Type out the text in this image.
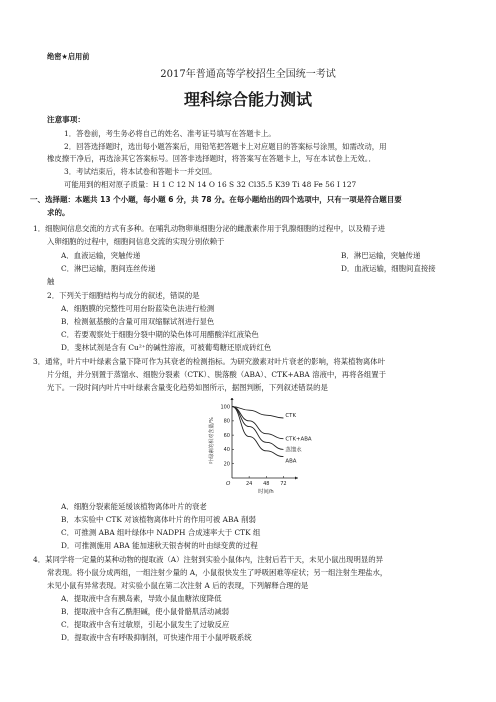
绝密★启用前
2017年普通高等学校招生全国统一考试
理科综合能力测试
注意事项：
1．答卷前，考生务必将自己的姓名、准考证号填写在答题卡上。
2．回答选择题时，选出每小题答案后，用铅笔把答题卡上对应题目的答案标号涂黑，如需改动，用
橡皮擦干净后，再选涂其它答案标号。回答非选择题时，将答案写在答题卡上，写在本试卷上无效。．
3．考试结束后，将本试卷和答题卡一并交回。
可能用到的相对原子质量：H 1 C 12 N 14 O 16 S 32 Cl35.5 K39 Ti 48 Fe 56 I 127
一、选择题：本题共 13 个小题，每小题 6 分，共 78 分。在每小题给出的四个选项中，只有一项是符合题目要
求的。
1．细胞间信息交流的方式有多种。在哺乳动物卵巢细胞分泌的雌激素作用于乳腺细胞的过程中，以及精子进
入卵细胞的过程中，细胞间信息交流的实现分别依赖于
A．血液运输，突触传递	B．淋巴运输，突触传递
C．淋巴运输，胞间连丝传递	D．血液运输，细胞间直接接
触
2．下列关于细胞结构与成分的叙述，错误的是
A．细胞膜的完整性可用台盼蓝染色法进行检测
B．检测氨基酸的含量可用双缩脲试剂进行显色
C．若要观察处于细胞分裂中期的染色体可用醋酸洋红液染色
D．斐林试剂是含有 Cu²⁺的碱性溶液，可被葡萄糖还原成砖红色
3．通常，叶片中叶绿素含量下降可作为其衰老的检测指标。为研究激素对叶片衰老的影响，将某植物离体叶
片分组，并分别置于蒸馏水、细胞分裂素（CTK）、脱落酸（ABA）、CTK+ABA 溶液中，再将各组置于
光下。一段时间内叶片中叶绿素含量变化趋势如图所示，据图判断，下列叙述错误的是
O
100
80
60
40
20
24 48 72
时间/h
叶绿素的相对含量/%
CTK
CTK+ABA
蒸馏水
ABA
A．细胞分裂素能延缓该植物离体叶片的衰老
B．本实验中 CTK 对该植物离体叶片的作用可被 ABA 削弱
C．可推测 ABA 组叶绿体中 NADPH 合成速率大于 CTK 组
D．可推测施用 ABA 能加速秋天银杏树的叶由绿变黄的过程
4．某同学将一定量的某种动物的提取液（A）注射到实验小鼠体内，注射后若干天，未见小鼠出现明显的异
常表现。将小鼠分成两组，一组注射少量的 A，小鼠很快发生了呼吸困难等症状；另一组注射生理盐水，
未见小鼠有异常表现。对实验小鼠在第二次注射 A 后的表现，下列解释合理的是
A．提取液中含有胰岛素，导致小鼠血糖浓度降低
B．提取液中含有乙酰胆碱，使小鼠骨骼肌活动减弱
C．提取液中含有过敏原，引起小鼠发生了过敏反应
D．提取液中含有呼吸抑制剂，可快速作用于小鼠呼吸系统
